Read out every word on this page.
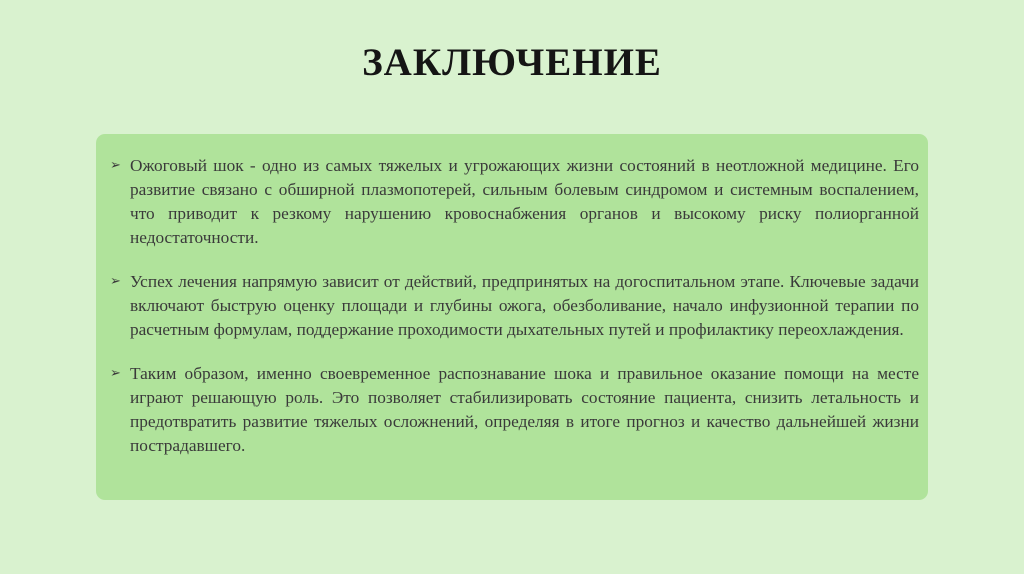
ЗАКЛЮЧЕНИЕ
➢ Ожоговый шок - одно из самых тяжелых и угрожающих жизни состояний в неотложной медицине. Его развитие связано с обширной плазмопотерей, сильным болевым синдромом и системным воспалением, что приводит к резкому нарушению кровоснабжения органов и высокому риску полиорганной недостаточности.

➢ Успех лечения напрямую зависит от действий, предпринятых на догоспитальном этапе. Ключевые задачи включают быструю оценку площади и глубины ожога, обезболивание, начало инфузионной терапии по расчетным формулам, поддержание проходимости дыхательных путей и профилактику переохлаждения.

➢ Таким образом, именно своевременное распознавание шока и правильное оказание помощи на месте играют решающую роль. Это позволяет стабилизировать состояние пациента, снизить летальность и предотвратить развитие тяжелых осложнений, определяя в итоге прогноз и качество дальнейшей жизни пострадавшего.
